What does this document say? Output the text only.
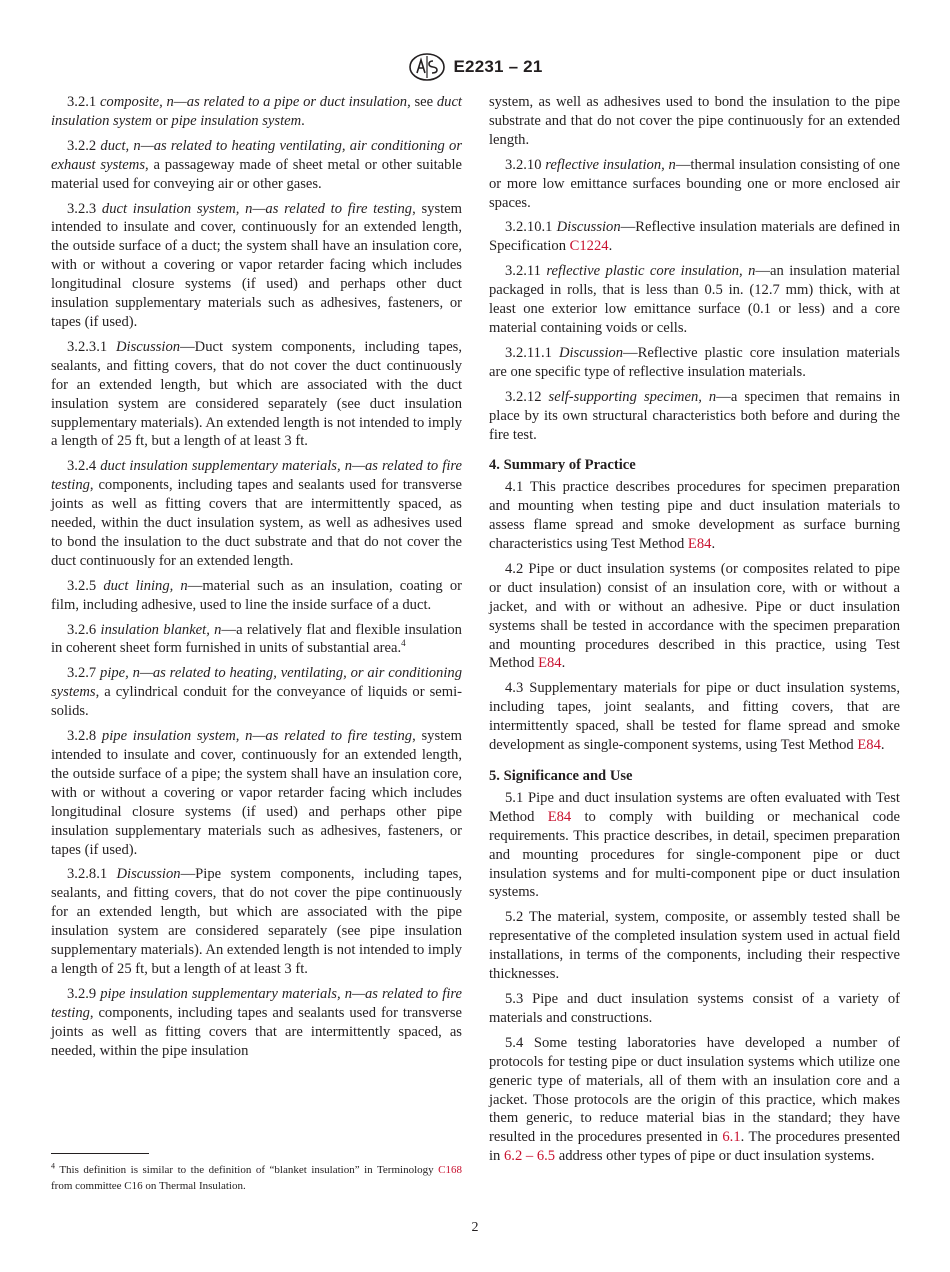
E2231 – 21

3.2.1 composite, n—as related to a pipe or duct insulation, see duct insulation system or pipe insulation system.

3.2.2 duct, n—as related to heating ventilating, air conditioning or exhaust systems, a passageway made of sheet metal or other suitable material used for conveying air or other gases.

3.2.3 duct insulation system, n—as related to fire testing, system intended to insulate and cover, continuously for an extended length, the outside surface of a duct; the system shall have an insulation core, with or without a covering or vapor retarder facing which includes longitudinal closure systems (if used) and perhaps other duct insulation supplementary materials such as adhesives, fasteners, or tapes (if used).

3.2.3.1 Discussion—Duct system components, including tapes, sealants, and fitting covers, that do not cover the duct continuously for an extended length, but which are associated with the duct insulation system are considered separately (see duct insulation supplementary materials). An extended length is not intended to imply a length of 25 ft, but a length of at least 3 ft.

3.2.4 duct insulation supplementary materials, n—as related to fire testing, components, including tapes and sealants used for transverse joints as well as fitting covers that are intermittently spaced, as needed, within the duct insulation system, as well as adhesives used to bond the insulation to the duct substrate and that do not cover the duct continuously for an extended length.

3.2.5 duct lining, n—material such as an insulation, coating or film, including adhesive, used to line the inside surface of a duct.

3.2.6 insulation blanket, n—a relatively flat and flexible insulation in coherent sheet form furnished in units of substantial area.$^4$

3.2.7 pipe, n—as related to heating, ventilating, or air conditioning systems, a cylindrical conduit for the conveyance of liquids or semi-solids.

3.2.8 pipe insulation system, n—as related to fire testing, system intended to insulate and cover, continuously for an extended length, the outside surface of a pipe; the system shall have an insulation core, with or without a covering or vapor retarder facing which includes longitudinal closure systems (if used) and perhaps other pipe insulation supplementary materials such as adhesives, fasteners, or tapes (if used).

3.2.8.1 Discussion—Pipe system components, including tapes, sealants, and fitting covers, that do not cover the pipe continuously for an extended length, but which are associated with the pipe insulation system are considered separately (see pipe insulation supplementary materials). An extended length is not intended to imply a length of 25 ft, but a length of at least 3 ft.

3.2.9 pipe insulation supplementary materials, n—as related to fire testing, components, including tapes and sealants used for transverse joints as well as fitting covers that are intermittently spaced, as needed, within the pipe insulation

system, as well as adhesives used to bond the insulation to the pipe substrate and that do not cover the pipe continuously for an extended length.

3.2.10 reflective insulation, n—thermal insulation consisting of one or more low emittance surfaces bounding one or more enclosed air spaces.

3.2.10.1 Discussion—Reflective insulation materials are defined in Specification C1224.

3.2.11 reflective plastic core insulation, n—an insulation material packaged in rolls, that is less than 0.5 in. (12.7 mm) thick, with at least one exterior low emittance surface (0.1 or less) and a core material containing voids or cells.

3.2.11.1 Discussion—Reflective plastic core insulation materials are one specific type of reflective insulation materials.

3.2.12 self-supporting specimen, n—a specimen that remains in place by its own structural characteristics both before and during the fire test.

4. Summary of Practice

4.1 This practice describes procedures for specimen preparation and mounting when testing pipe and duct insulation materials to assess flame spread and smoke development as surface burning characteristics using Test Method E84.

4.2 Pipe or duct insulation systems (or composites related to pipe or duct insulation) consist of an insulation core, with or without a jacket, and with or without an adhesive. Pipe or duct insulation systems shall be tested in accordance with the specimen preparation and mounting procedures described in this practice, using Test Method E84.

4.3 Supplementary materials for pipe or duct insulation systems, including tapes, joint sealants, and fitting covers, that are intermittently spaced, shall be tested for flame spread and smoke development as single-component systems, using Test Method E84.

5. Significance and Use

5.1 Pipe and duct insulation systems are often evaluated with Test Method E84 to comply with building or mechanical code requirements. This practice describes, in detail, specimen preparation and mounting procedures for single-component pipe or duct insulation systems and for multi-component pipe or duct insulation systems.

5.2 The material, system, composite, or assembly tested shall be representative of the completed insulation system used in actual field installations, in terms of the components, including their respective thicknesses.

5.3 Pipe and duct insulation systems consist of a variety of materials and constructions.

5.4 Some testing laboratories have developed a number of protocols for testing pipe or duct insulation systems which utilize one generic type of materials, all of them with an insulation core and a jacket. Those protocols are the origin of this practice, which makes them generic, to reduce material bias in the standard; they have resulted in the procedures presented in 6.1. The procedures presented in 6.2 – 6.5 address other types of pipe or duct insulation systems.

$^4$ This definition is similar to the definition of “blanket insulation” in Terminology C168 from committee C16 on Thermal Insulation.
2
